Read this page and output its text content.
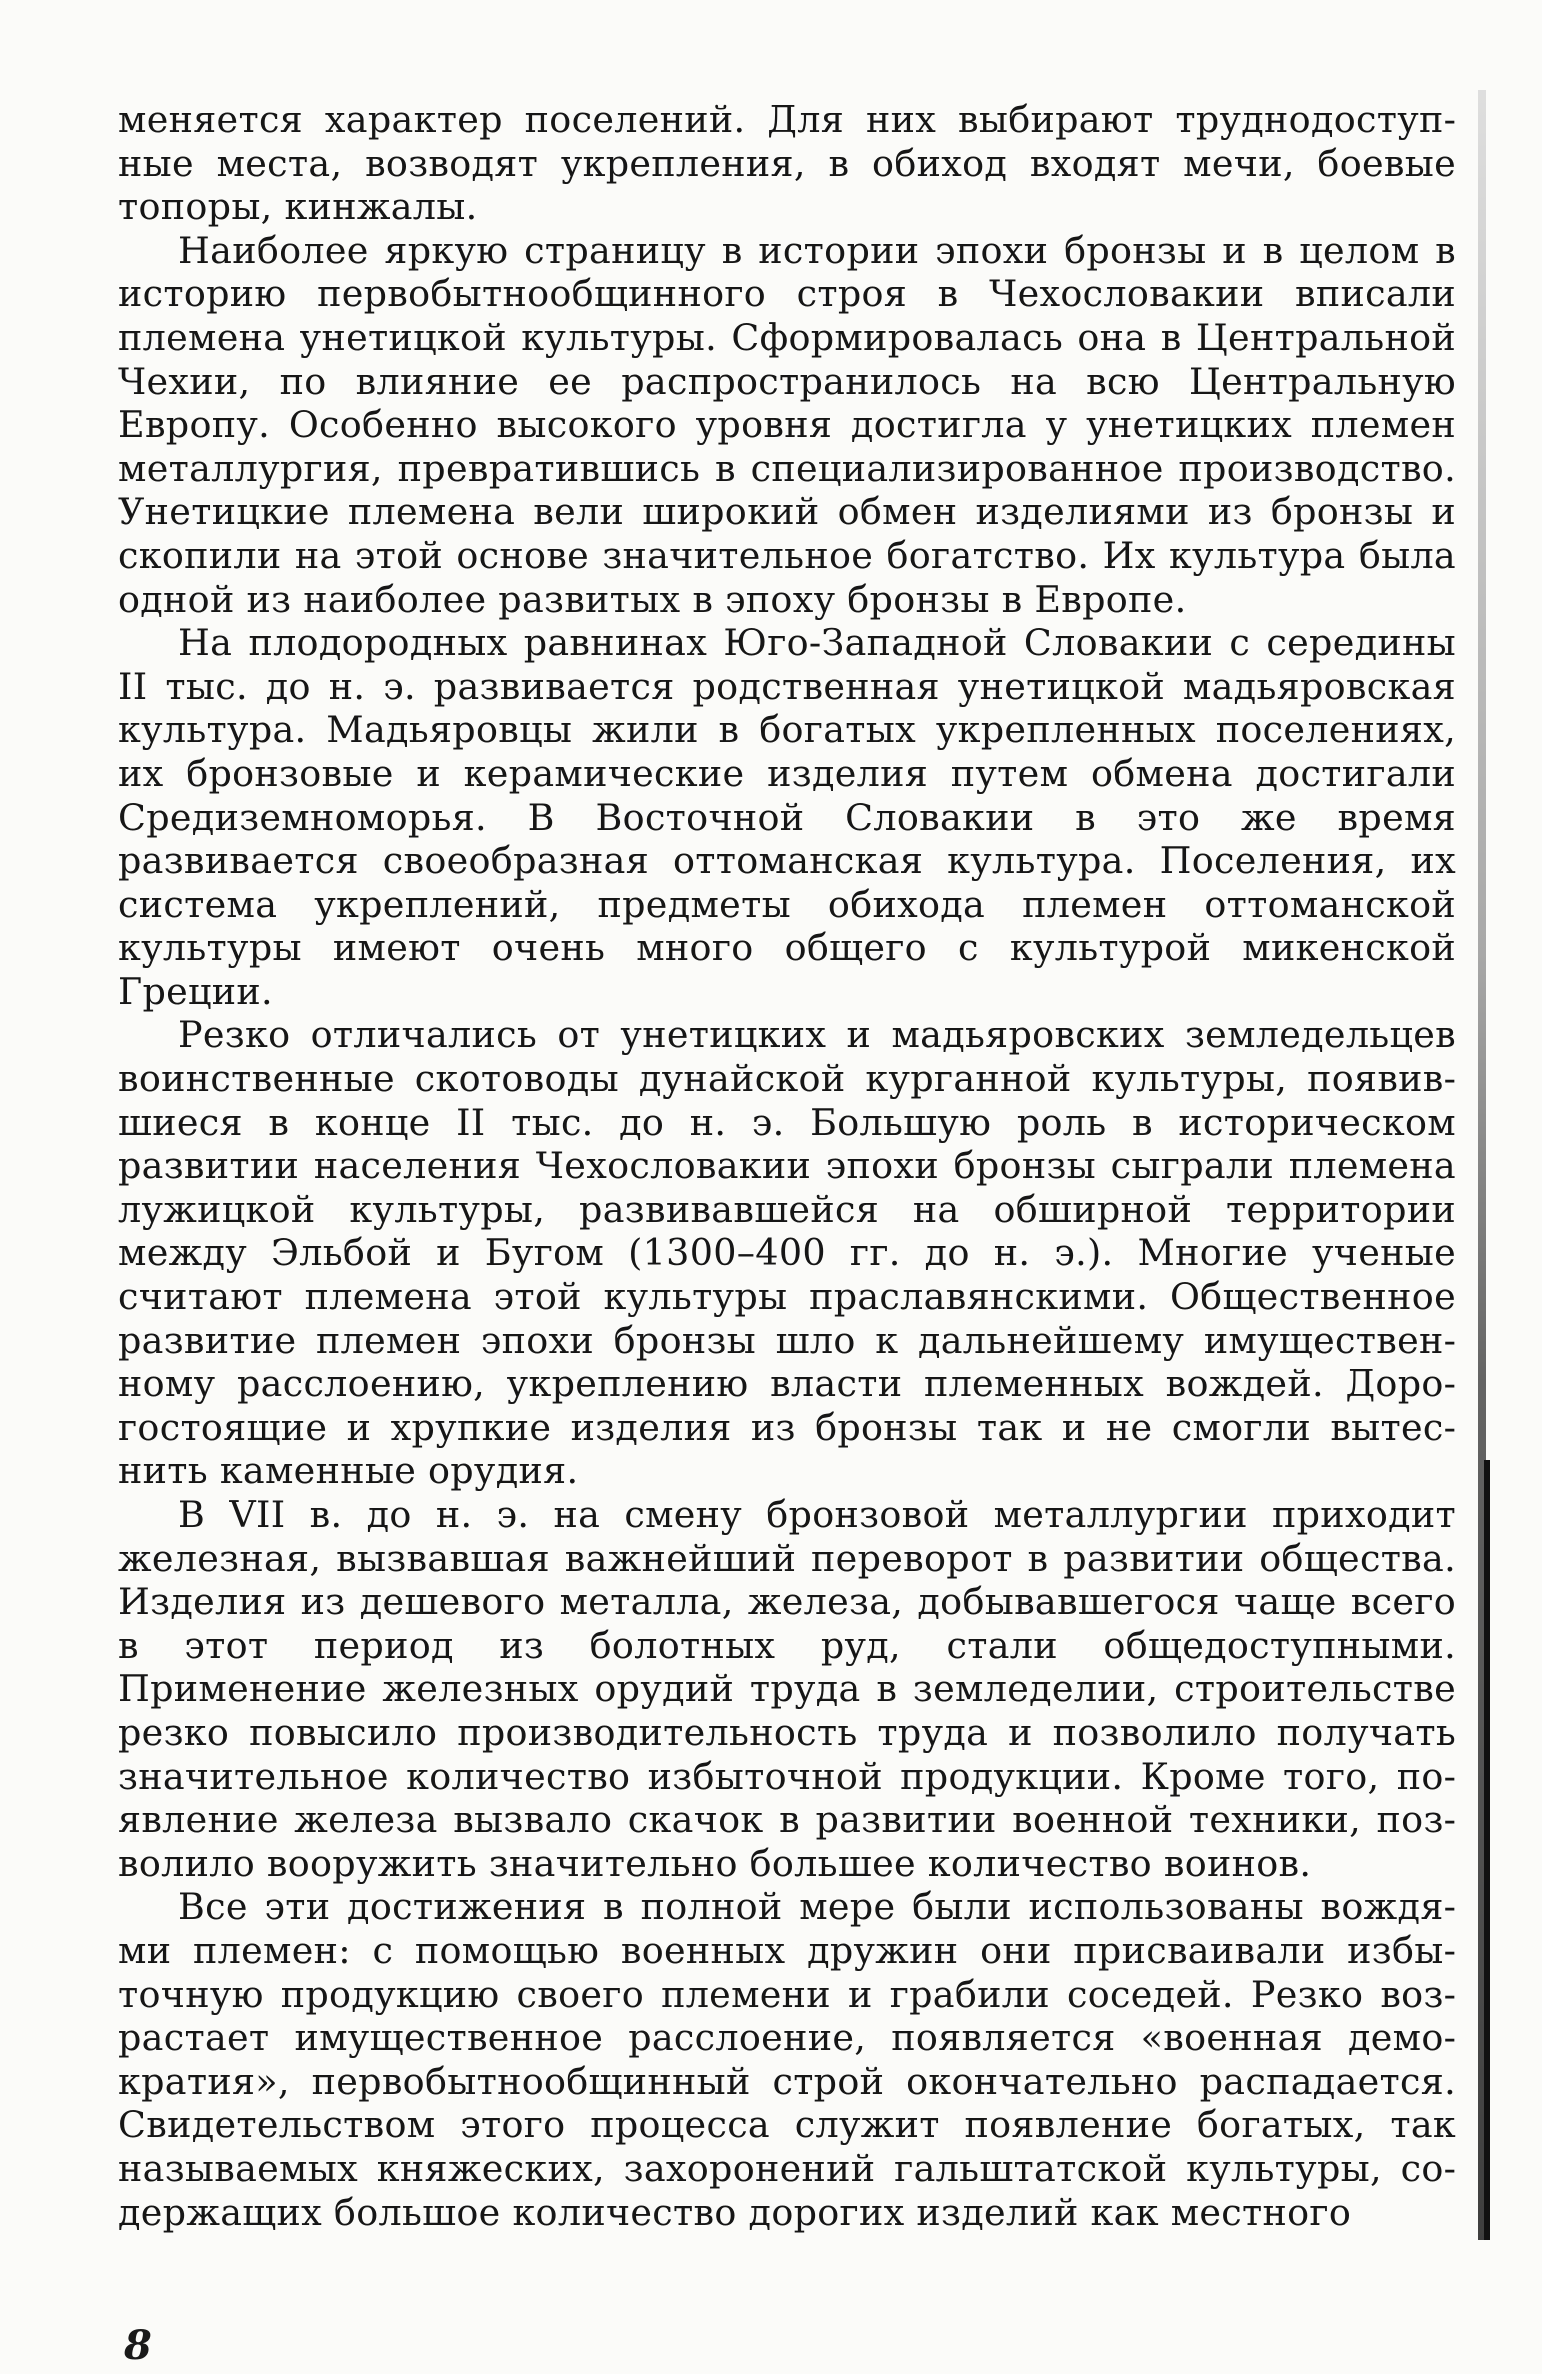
меняется характер поселений. Для них выбирают труднодоступные места, возводят укрепления, в обиход входят мечи, боевые топоры, кинжалы.

Наиболее яркую страницу в истории эпохи бронзы и в целом в историю первобытнообщинного строя в Чехословакии вписали племена унетицкой культуры. Сформировалась она в Центральной Чехии, по влияние ее распространилось на всю Центральную Европу. Особенно высокого уровня достигла у унетицких племен металлургия, превратившись в специализированное производство. Унетицкие племена вели широкий обмен изделиями из бронзы и скопили на этой основе значительное богатство. Их культура была одной из наиболее развитых в эпоху бронзы в Европе.

На плодородных равнинах Юго-Западной Словакии с середины II тыс. до н. э. развивается родственная унетицкой мадьяровская культура. Мадьяровцы жили в богатых укрепленных поселениях, их бронзовые и керамические изделия путем обмена достигали Средиземноморья. В Восточной Словакии в это же время развивается своеобразная оттоманская культура. Поселения, их система укреплений, предметы обихода племен оттоманской культуры имеют очень много общего с культурой микенской Греции.

Резко отличались от унетицких и мадьяровских земледельцев воинственные скотоводы дунайской курганной культуры, появившиеся в конце II тыс. до н. э. Большую роль в историческом развитии населения Чехословакии эпохи бронзы сыграли племена лужицкой культуры, развивавшейся на обширной территории между Эльбой и Бугом (1300–400 гг. до н. э.). Многие ученые считают племена этой культуры праславянскими. Общественное развитие племен эпохи бронзы шло к дальнейшему имущественному расслоению, укреплению власти племенных вождей. Дорогостоящие и хрупкие изделия из бронзы так и не смогли вытеснить каменные орудия.

В VII в. до н. э. на смену бронзовой металлургии приходит железная, вызвавшая важнейший переворот в развитии общества. Изделия из дешевого металла, железа, добывавшегося чаще всего в этот период из болотных руд, стали общедоступными. Применение железных орудий труда в земледелии, строительстве резко повысило производительность труда и позволило получать значительное количество избыточной продукции. Кроме того, появление железа вызвало скачок в развитии военной техники, позволило вооружить значительно большее количество воинов.

Все эти достижения в полной мере были использованы вождями племен: с помощью военных дружин они присваивали избыточную продукцию своего племени и грабили соседей. Резко возрастает имущественное расслоение, появляется «военная демократия», первобытнообщинный строй окончательно распадается. Свидетельством этого процесса служит появление богатых, так называемых княжеских, захоронений гальштатской культуры, содержащих большое количество дорогих изделий как местного

8
